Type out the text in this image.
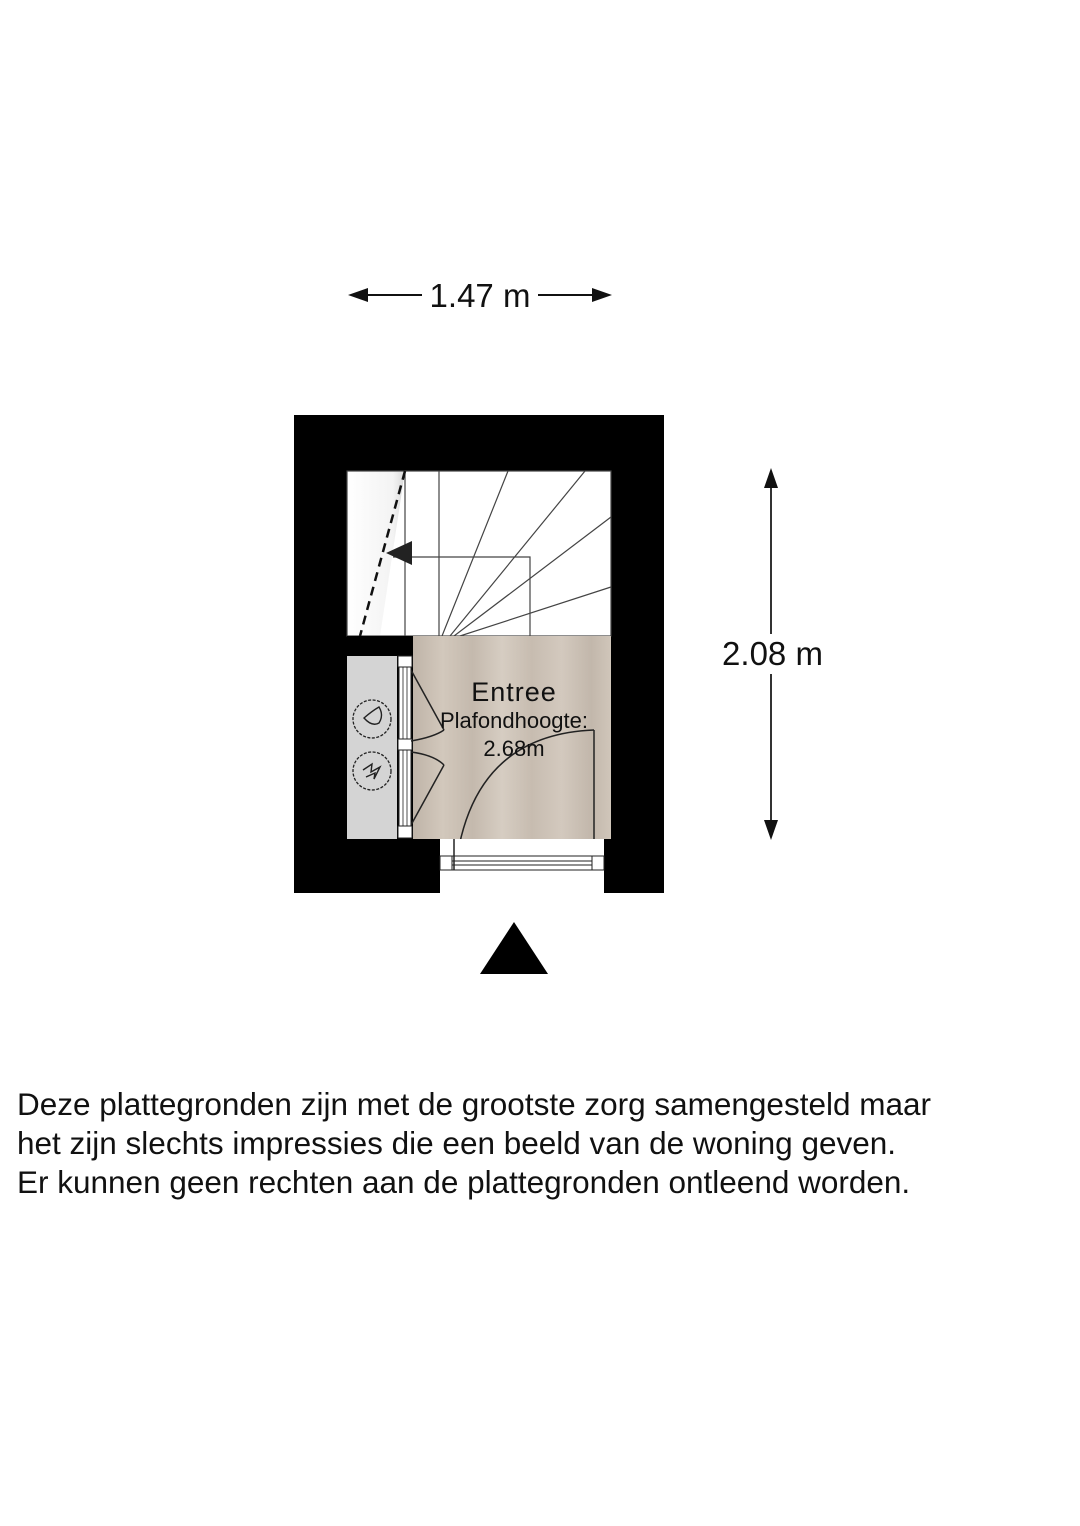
1.47 m
2.08 m
Entree
Plafondhoogte:
2.68m
Deze plattegronden zijn met de grootste zorg samengesteld maar
het zijn slechts impressies die een beeld van de woning geven.
Er kunnen geen rechten aan de plattegronden ontleend worden.
